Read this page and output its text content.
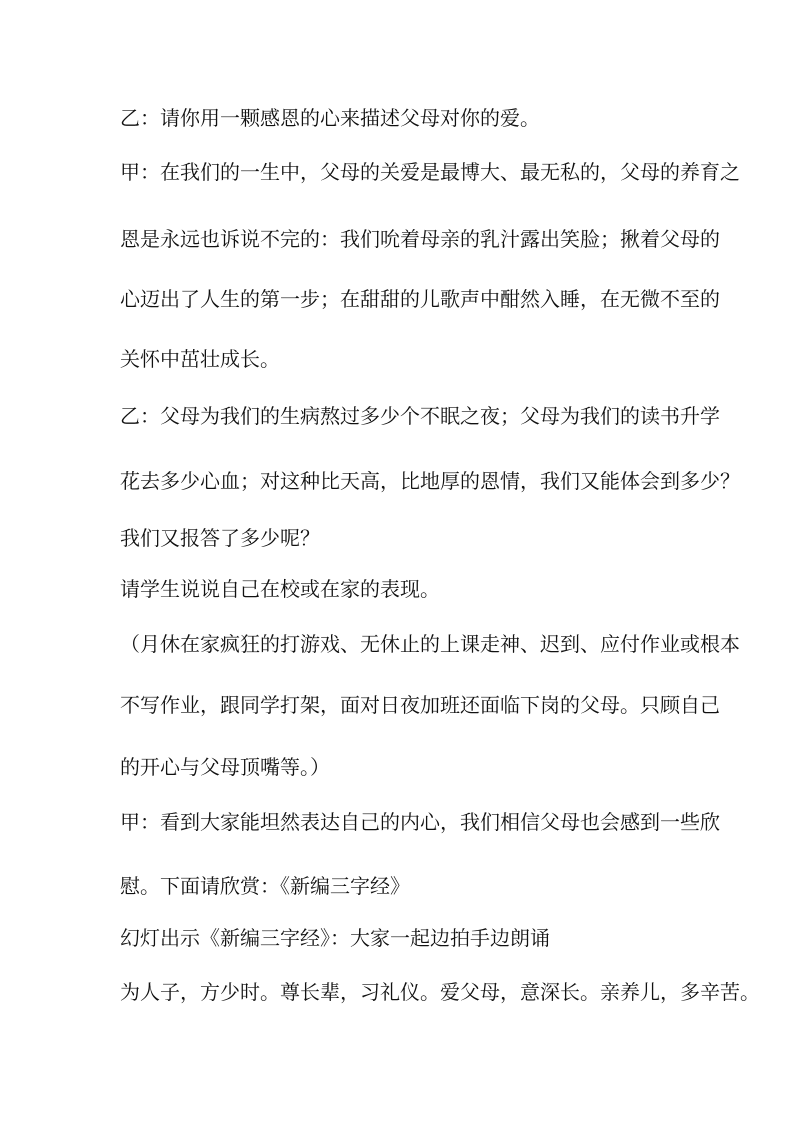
乙：请你用一颗感恩的心来描述父母对你的爱。
甲：在我们的一生中，父母的关爱是最博大、最无私的，父母的养育之
恩是永远也诉说不完的：我们吮着母亲的乳汁露出笑脸；揪着父母的
心迈出了人生的第一步；在甜甜的儿歌声中酣然入睡，在无微不至的
关怀中茁壮成长。
乙：父母为我们的生病熬过多少个不眠之夜；父母为我们的读书升学
花去多少心血；对这种比天高，比地厚的恩情，我们又能体会到多少？
我们又报答了多少呢？
请学生说说自己在校或在家的表现。
（月休在家疯狂的打游戏、无休止的上课走神、迟到、应付作业或根本
不写作业，跟同学打架，面对日夜加班还面临下岗的父母。只顾自己
的开心与父母顶嘴等。）
甲：看到大家能坦然表达自己的内心，我们相信父母也会感到一些欣
慰。下面请欣赏：《新编三字经》
幻灯出示《新编三字经》：大家一起边拍手边朗诵
为人子，方少时。尊长辈，习礼仪。爱父母，意深长。亲养儿，多辛苦。
